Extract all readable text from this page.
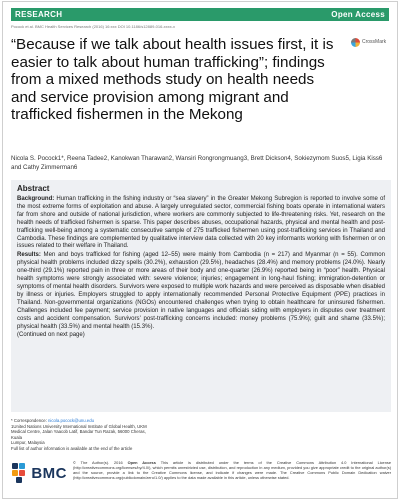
RESEARCH	Open Access
Pocock et al. BMC Health Services Research (2016) 16:xxx DOI 10.1186/s12889-016-xxxx-x
CrossMark
“Because if we talk about health issues first, it is easier to talk about human trafficking”; findings from a mixed methods study on health needs and service provision among migrant and trafficked fishermen in the Mekong
Nicola S. Pocock1*, Reena Tadee2, Kanokwan Tharawan2, Wansiri Rongrongmuang3, Brett Dickson4, Sokiezymom Suos5, Ligia Kiss6 and Cathy Zimmerman6
Abstract

Background: Human trafficking in the fishing industry or “sea slavery” in the Greater Mekong Subregion is reported to involve some of the most extreme forms of exploitation and abuse. A largely unregulated sector, commercial fishing boats operate in international waters far from shore and outside of national jurisdiction, where workers are commonly subjected to life-threatening risks. Yet, research on the health needs of trafficked fishermen is sparse. This paper describes abuses, occupational hazards, physical and mental health and post-trafficking well-being among a systematic consecutive sample of 275 trafficked fishermen using post-trafficking services in Thailand and Cambodia. These findings are complemented by qualitative interview data collected with 20 key informants working with fishermen or on issues related to their welfare in Thailand.

Results: Men and boys trafficked for fishing (aged 12–55) were mainly from Cambodia (n = 217) and Myanmar (n = 55). Common physical health problems included dizzy spells (30.2%), exhaustion (29.5%), headaches (28.4%) and memory problems (24.0%). Nearly one-third (29.1%) reported pain in three or more areas of their body and one-quarter (26.9%) reported being in “poor” health. Physical health symptoms were strongly associated with: severe violence; injuries; engagement in long-haul fishing; immigration-detention or symptoms of mental health disorders. Survivors were exposed to multiple work hazards and were perceived as disposable when disabled by illness or injuries. Employers struggled to apply internationally recommended Personal Protective Equipment (PPE) practices in Thailand. Non-governmental organizations (NGOs) encountered challenges when trying to obtain healthcare for uninsured fishermen. Challenges included fee payment; service provision in native languages and officials siding with employers in disputes over treatment costs and accident compensation. Survivors' post-trafficking concerns included: money problems (75.9%); guilt and shame (33.5%); physical health (33.5%) and mental health (15.3%).

(Continued on next page)
* Correspondence: nicola.pocock@unu.edu
1United Nations University International Institute of Global Health, UKM
Medical Centre, Jalan Yaacob Latif, Bandar Tun Razak, 56000 Cheras, Kuala
Lumpur, Malaysia
Full list of author information is available at the end of the article
BMC
© The Author(s). 2016 Open Access This article is distributed under the terms of the Creative Commons Attribution 4.0 International License (http://creativecommons.org/licenses/by/4.0/), which permits unrestricted use, distribution, and reproduction in any medium, provided you give appropriate credit to the original author(s) and the source, provide a link to the Creative Commons license, and indicate if changes were made. The Creative Commons Public Domain Dedication waiver (http://creativecommons.org/publicdomain/zero/1.0/) applies to the data made available in this article, unless otherwise stated.
